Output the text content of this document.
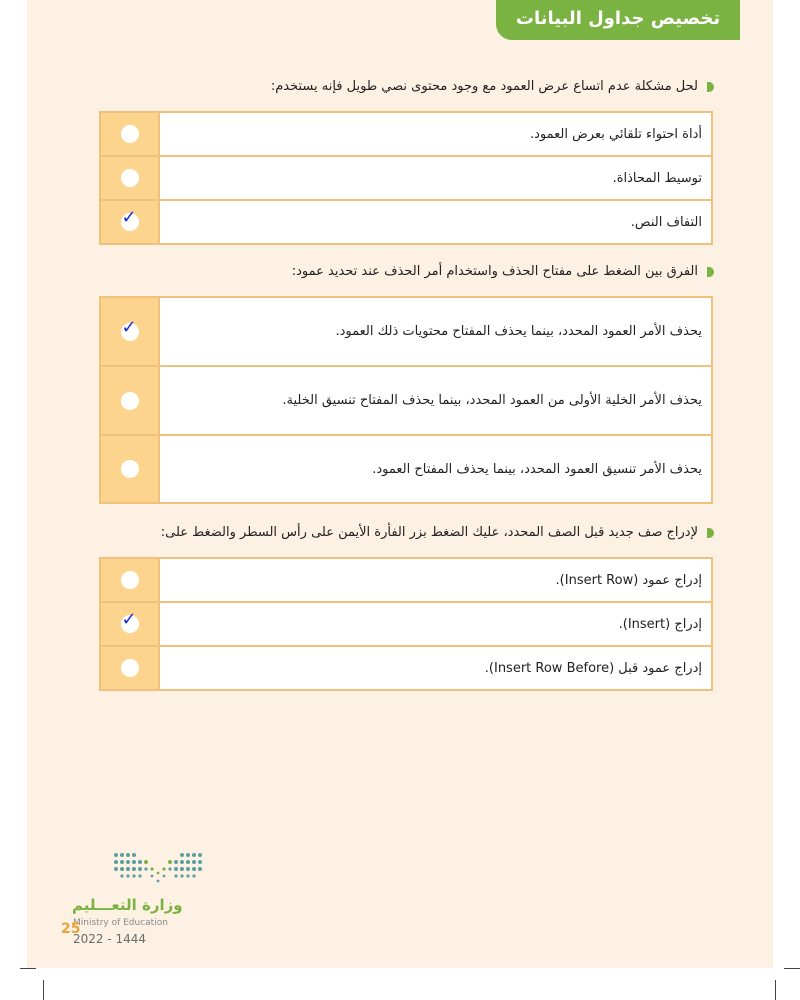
تخصيص جداول البيانات
لحل مشكلة عدم اتساع عرض العمود مع وجود محتوى نصي طويل فإنه يستخدم:
أداة احتواء تلقائي بعرض العمود.
توسيط المحاذاة.
✓	التفاف النص.
الفرق بين الضغط على مفتاح الحذف واستخدام أمر الحذف عند تحديد عمود:
✓	يحذف الأمر العمود المحدد، بينما يحذف المفتاح محتويات ذلك العمود.
يحذف الأمر الخلية الأولى من العمود المحدد، بينما يحذف المفتاح تنسيق الخلية.
يحذف الأمر تنسيق العمود المحدد، بينما يحذف المفتاح العمود.
لإدراج صف جديد قبل الصف المحدد، عليك الضغط بزر الفأرة الأيمن على رأس السطر والضغط على:
إدراج عمود (Insert Row).
✓	إدراج (Insert).
إدراج عمود قبل (Insert Row Before).
وزارة التعـــليم
Ministry of Education
25
2022 - 1444
